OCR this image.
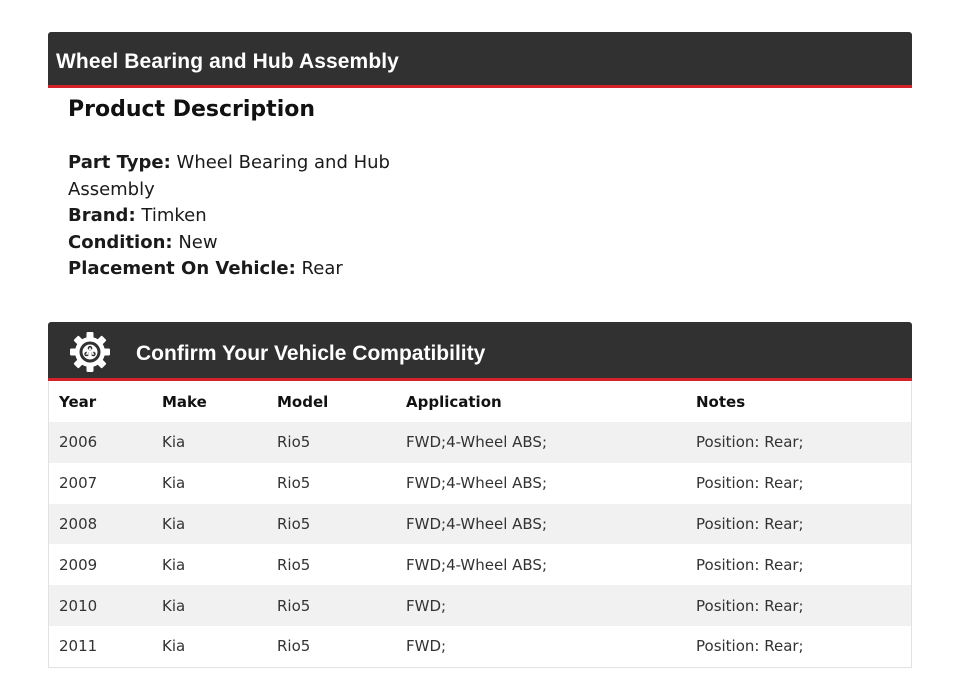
Wheel Bearing and Hub Assembly
Product Description

Part Type: Wheel Bearing and Hub Assembly

Brand: Timken

Condition: New

Placement On Vehicle: Rear

Confirm Your Vehicle Compatibility
Year	Make	Model	Application	Notes
2006	Kia	Rio5	FWD;4-Wheel ABS;	Position: Rear;
2007	Kia	Rio5	FWD;4-Wheel ABS;	Position: Rear;
2008	Kia	Rio5	FWD;4-Wheel ABS;	Position: Rear;
2009	Kia	Rio5	FWD;4-Wheel ABS;	Position: Rear;
2010	Kia	Rio5	FWD;	Position: Rear;
2011	Kia	Rio5	FWD;	Position: Rear;
